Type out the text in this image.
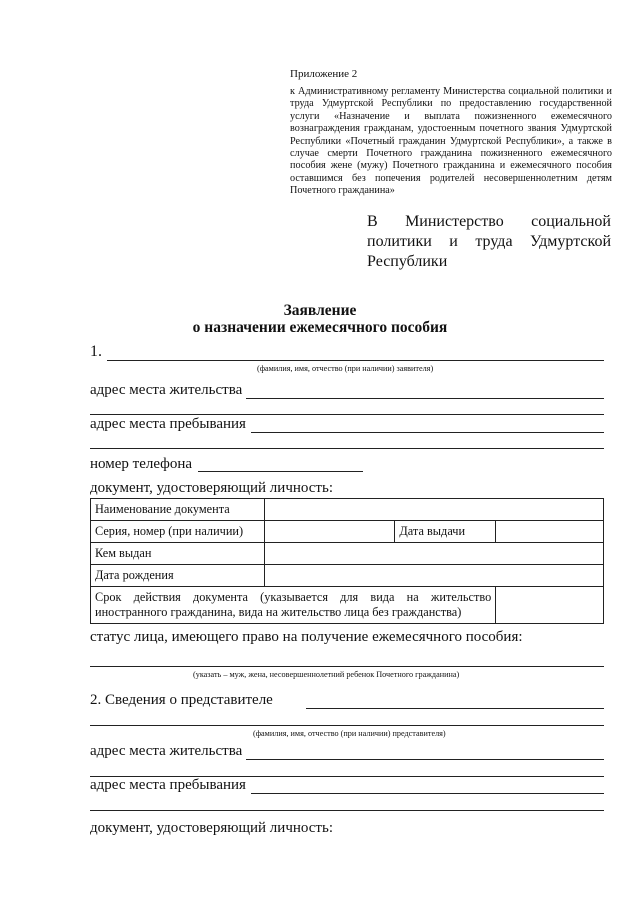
Приложение 2
к Административному регламенту Министерства социальной политики и труда Удмуртской Республики по предоставлению государственной услуги «Назначение и выплата пожизненного ежемесячного вознаграждения гражданам, удостоенным почетного звания Удмуртской Республики «Почетный гражданин Удмуртской Республики», а также в случае смерти Почетного гражданина пожизненного ежемесячного пособия жене (мужу) Почетного гражданина и ежемесячного пособия оставшимся без попечения родителей несовершеннолетним детям Почетного гражданина»
В Министерство социальной политики и труда Удмуртской Республики
Заявление
о назначении ежемесячного пособия
1.
(фамилия, имя, отчество (при наличии) заявителя)
адрес места жительства
адрес места пребывания
номер телефона
документ, удостоверяющий личность:
Наименование документа			
Серия, номер (при наличии)		Дата выдачи	
Кем выдан			
Дата рождения			
Срок действия документа (указывается для вида на жительство иностранного гражданина, вида на жительство лица без гражданства)			
статус лица, имеющего право на получение ежемесячного пособия:
(указать – муж, жена, несовершеннолетний ребенок Почетного гражданина)
2. Сведения о представителе
(фамилия, имя, отчество (при наличии) представителя)
адрес места жительства
адрес места пребывания
документ, удостоверяющий личность:
